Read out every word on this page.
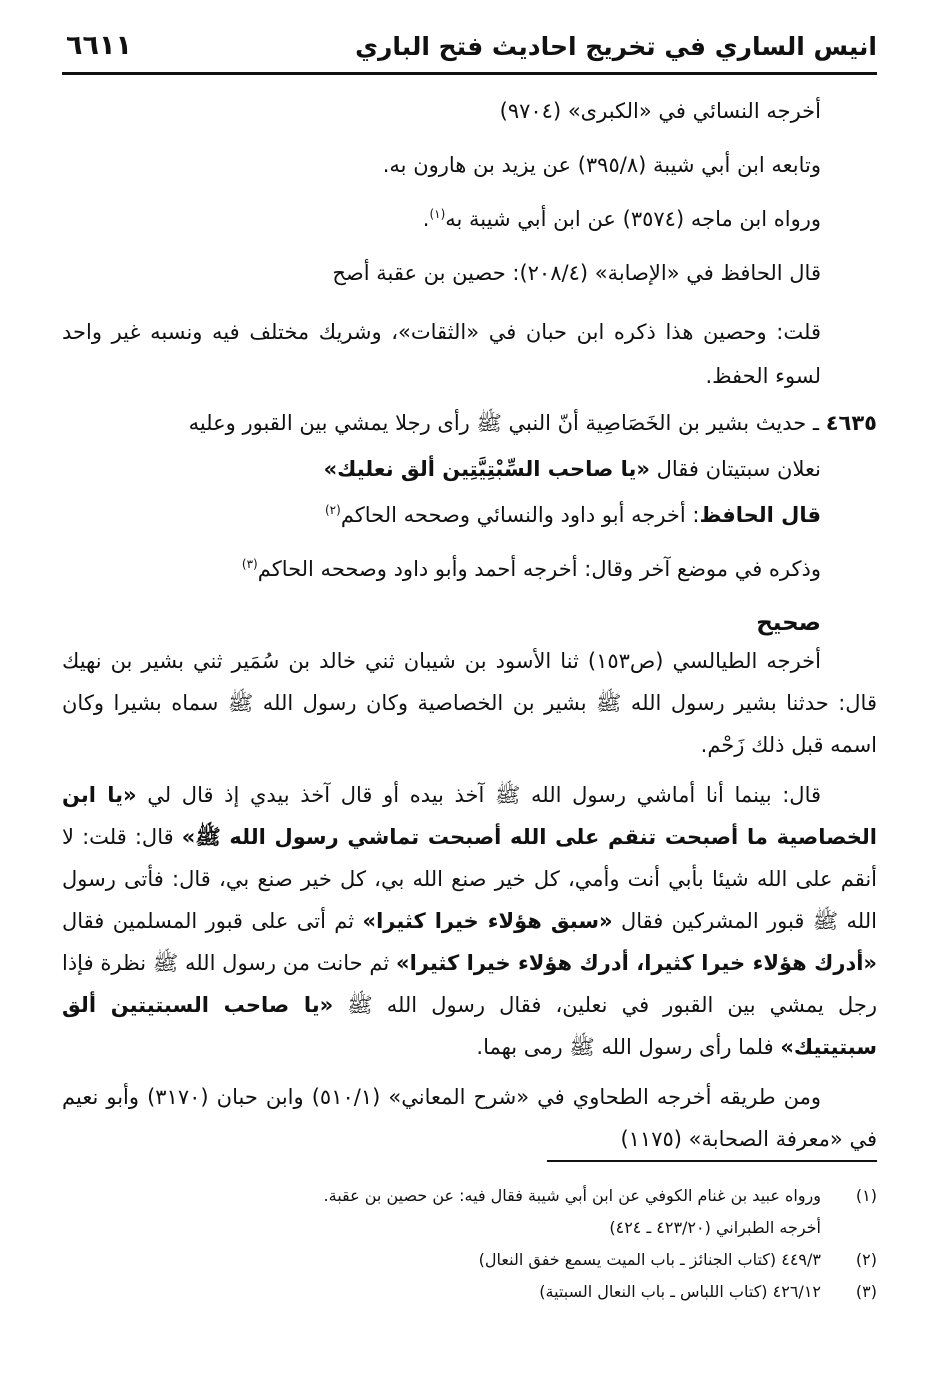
انيس الساري في تخريج احاديث فتح الباري
٦٦١١

أخرجه النسائي في «الكبرى» (٩٧٠٤)

وتابعه ابن أبي شيبة (٣٩٥/٨) عن يزيد بن هارون به.

ورواه ابن ماجه (٣٥٧٤) عن ابن أبي شيبة به$^{(١)}$.

قال الحافظ في «الإصابة» (٢٠٨/٤): حصين بن عقبة أصح

قلت: وحصين هذا ذكره ابن حبان في «الثقات»، وشريك مختلف فيه ونسبه غير واحد لسوء الحفظ.

٤٦٣٥ ـ حديث بشير بن الخَصَاصِية أنّ النبي ﷺ رأى رجلا يمشي بين القبور وعليه

نعلان سبتيتان فقال «يا صاحب السِّبْتِيَّتِين ألق نعليك»

قال الحافظ: أخرجه أبو داود والنسائي وصححه الحاكم$^{(٢)}$

وذكره في موضع آخر وقال: أخرجه أحمد وأبو داود وصححه الحاكم$^{(٣)}$

صحيح

أخرجه الطيالسي (ص١٥٣) ثنا الأسود بن شيبان ثني خالد بن سُمَير ثني بشير بن نهيك قال: حدثنا بشير رسول الله ﷺ بشير بن الخصاصية وكان رسول الله ﷺ سماه بشيرا وكان اسمه قبل ذلك زَحْم.

قال: بينما أنا أماشي رسول الله ﷺ آخذ بيده أو قال آخذ بيدي إذ قال لي «يا ابن الخصاصية ما أصبحت تنقم على الله أصبحت تماشي رسول الله ﷺ» قال: قلت: لا أنقم على الله شيئا بأبي أنت وأمي، كل خير صنع الله بي، كل خير صنع بي، قال: فأتى رسول الله ﷺ قبور المشركين فقال «سبق هؤلاء خيرا كثيرا» ثم أتى على قبور المسلمين فقال «أدرك هؤلاء خيرا كثيرا، أدرك هؤلاء خيرا كثيرا» ثم حانت من رسول الله ﷺ نظرة فإذا رجل يمشي بين القبور في نعلين، فقال رسول الله ﷺ «يا صاحب السبتيتين ألق سبتيتيك» فلما رأى رسول الله ﷺ رمى بهما.

ومن طريقه أخرجه الطحاوي في «شرح المعاني» (٥١٠/١) وابن حبان (٣١٧٠) وأبو نعيم في «معرفة الصحابة» (١١٧٥)

(١)
ورواه عبيد بن غنام الكوفي عن ابن أبي شيبة فقال فيه: عن حصين بن عقبة.

أخرجه الطبراني (٤٢٣/٢٠ ـ ٤٢٤)

(٢)
٤٤٩/٣ (كتاب الجنائز ـ باب الميت يسمع خفق النعال)
(٣)
٤٢٦/١٢ (كتاب اللباس ـ باب النعال السبتية)
